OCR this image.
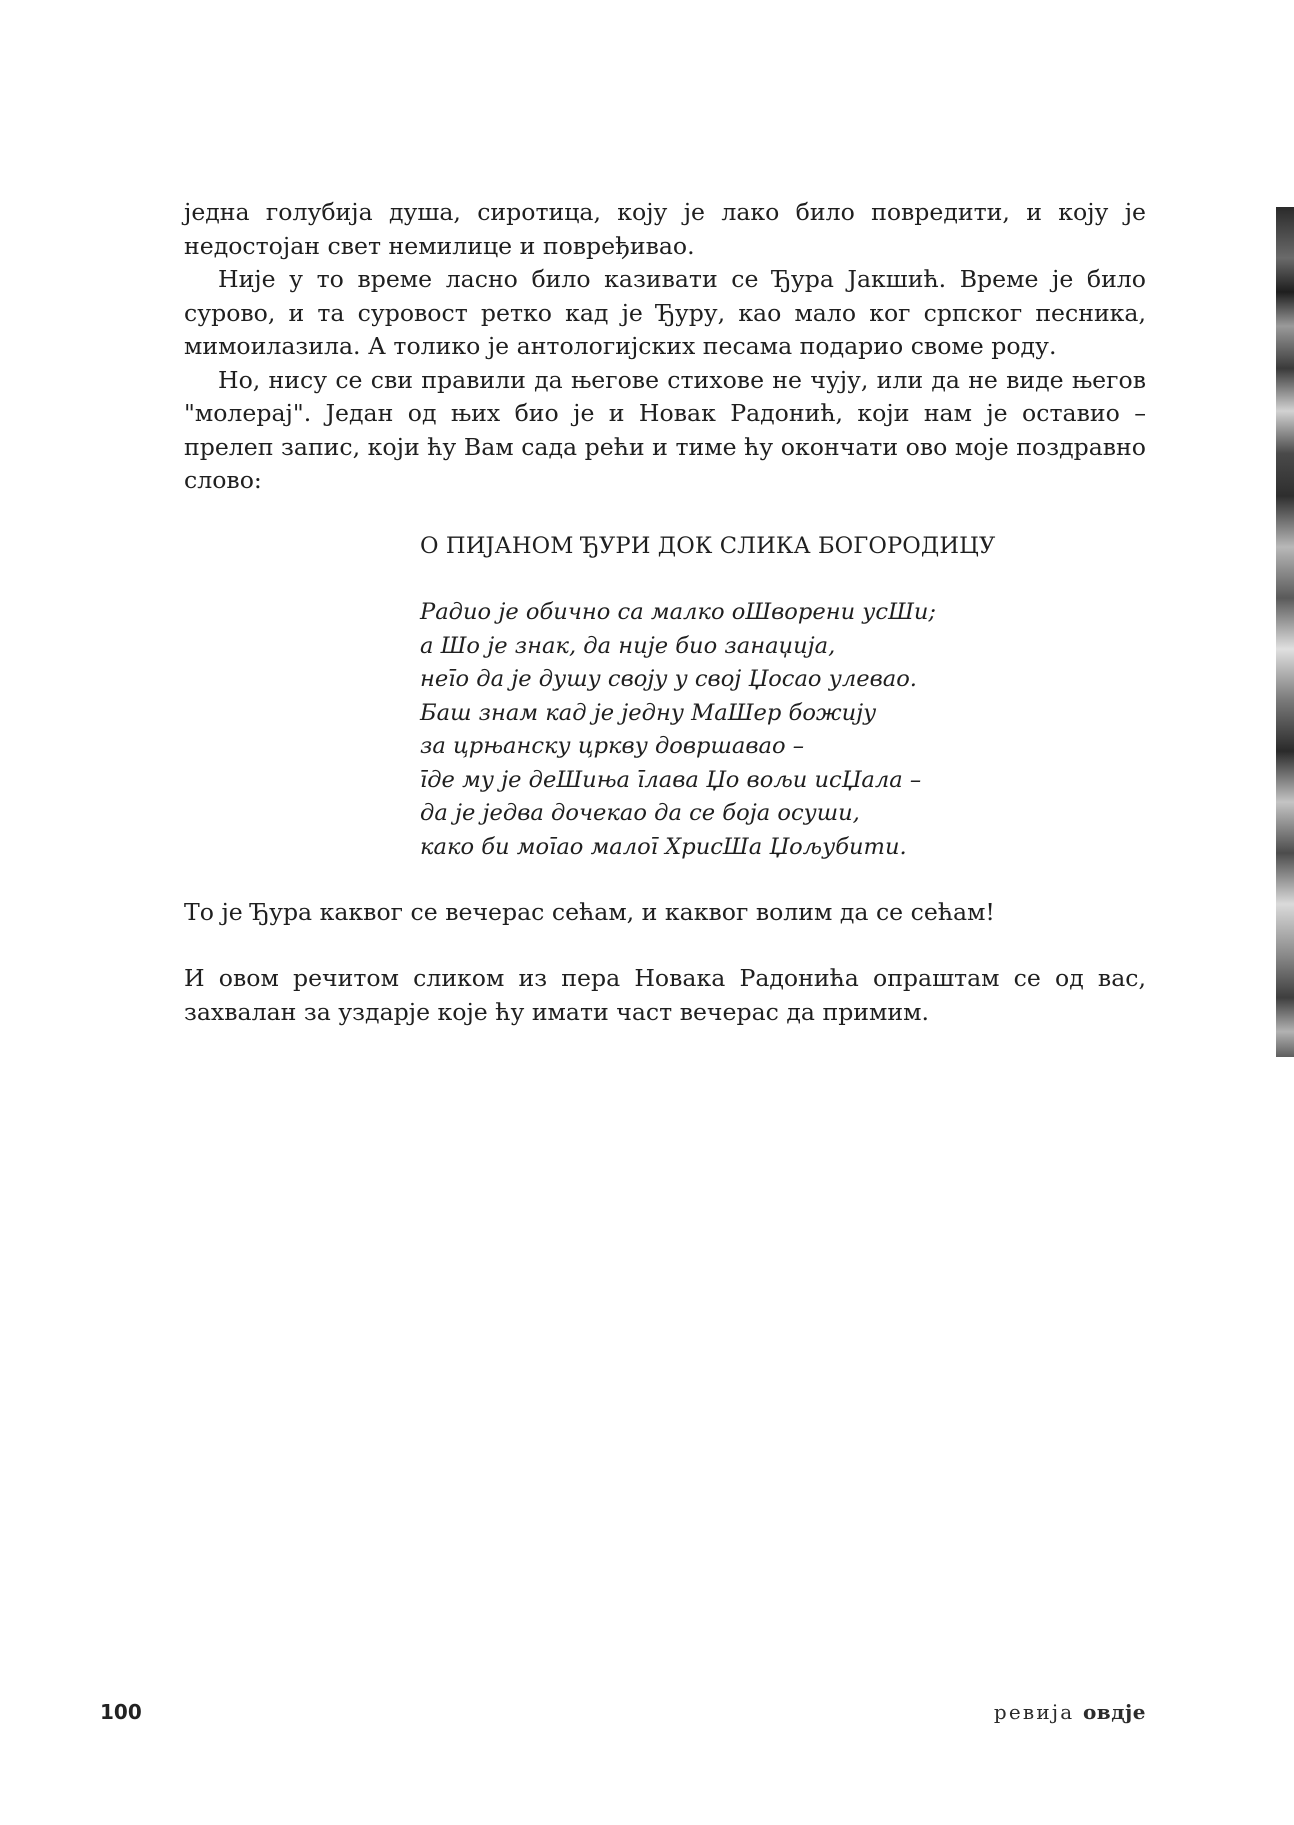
једна голубија душа, сиротица, коју је лако било повредити, и коју је недостојан свет немилице и повређивао.

Није у то време ласно било казивати се Ђура Јакшић. Време је било сурово, и та суровост ретко кад је Ђуру, као мало ког српског песника, мимоилазила. А толико је антологијских песама подарио своме роду.

Но, нису се сви правили да његове стихове не чују, или да не виде његов "молерај". Један од њих био је и Новак Радонић, који нам је оставио – прелеп запис, који ћу Вам сада рећи и тиме ћу окончати ово моје поздравно слово:

О ПИЈАНОМ ЂУРИ ДОК СЛИКА БОГОРОДИЦУ
Радио је обично са малко оШворени усШи;
а Шо је знак, да није био занаџија,
неīо да је душу своју у свој Џосао улевао.
Баш знам кад је једну МаШер божију
за црњанску цркву довршавао –
īде му је деШиња īлава Џо вољи исЏала –
да је једва дочекао да се боја осуши,
како би моīао малоī ХрисШа Џољубити.

То је Ђура каквог се вечерас сећам, и каквог волим да се сећам!

И овом речитом сликом из пера Новака Радонића опраштам се од вас, захвалан за уздарје које ћу имати част вечерас да примим.

100	ревија овдје
